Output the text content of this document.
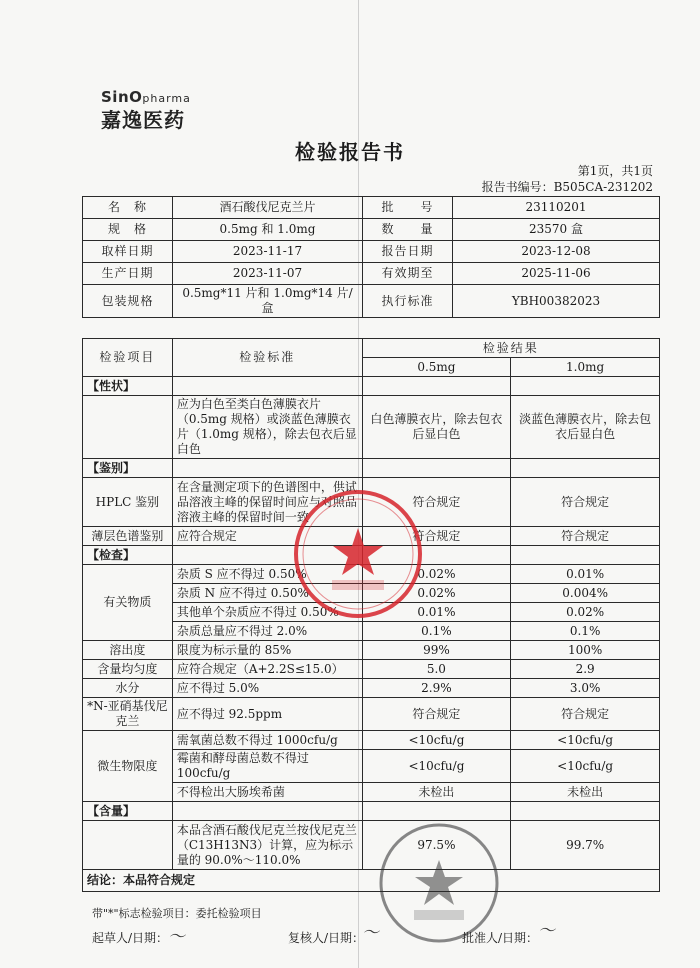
SinOpharma
嘉逸医药
检验报告书
第1页，共1页
报告书编号：B505CA-231202
名　称	酒石酸伐尼克兰片	批　　号	23110201
规　格	0.5mg 和 1.0mg	数　　量	23570 盒
取样日期	2023-11-17	报告日期	2023-12-08
生产日期	2023-11-07	有效期至	2025-11-06
包装规格	0.5mg*11 片和 1.0mg*14 片/盒	执行标准	YBH00382023
检验项目	检验标准	检验结果	
		0.5mg	1.0mg
【性状】			
	应为白色至类白色薄膜衣片（0.5mg 规格）或淡蓝色薄膜衣片（1.0mg 规格），除去包衣后显白色	白色薄膜衣片，除去包衣后显白色	淡蓝色薄膜衣片，除去包衣后显白色
【鉴别】			
HPLC 鉴别	在含量测定项下的色谱图中，供试品溶液主峰的保留时间应与对照品溶液主峰的保留时间一致	符合规定	符合规定
薄层色谱鉴别	应符合规定	符合规定	符合规定
【检查】			
有关物质	杂质 S 应不得过 0.50%	0.02%	0.01%
	杂质 N 应不得过 0.50%	0.02%	0.004%
	其他单个杂质应不得过 0.50%	0.01%	0.02%
	杂质总量应不得过 2.0%	0.1%	0.1%
溶出度	限度为标示量的 85%	99%	100%
含量均匀度	应符合规定（A+2.2S≤15.0）	5.0	2.9
水分	应不得过 5.0%	2.9%	3.0%
*N-亚硝基伐尼克兰	应不得过 92.5ppm	符合规定	符合规定
微生物限度	需氧菌总数不得过 1000cfu/g	<10cfu/g	<10cfu/g
	霉菌和酵母菌总数不得过 100cfu/g	<10cfu/g	<10cfu/g
	不得检出大肠埃希菌	未检出	未检出
【含量】			
	本品含酒石酸伐尼克兰按伐尼克兰（C13H13N3）计算，应为标示量的 90.0%～110.0%	97.5%	99.7%
结论：本品符合规定			
带"*"标志检验项目：委托检验项目
起草人/日期： 〜	复核人/日期：
〜	批准人/日期： 〜
